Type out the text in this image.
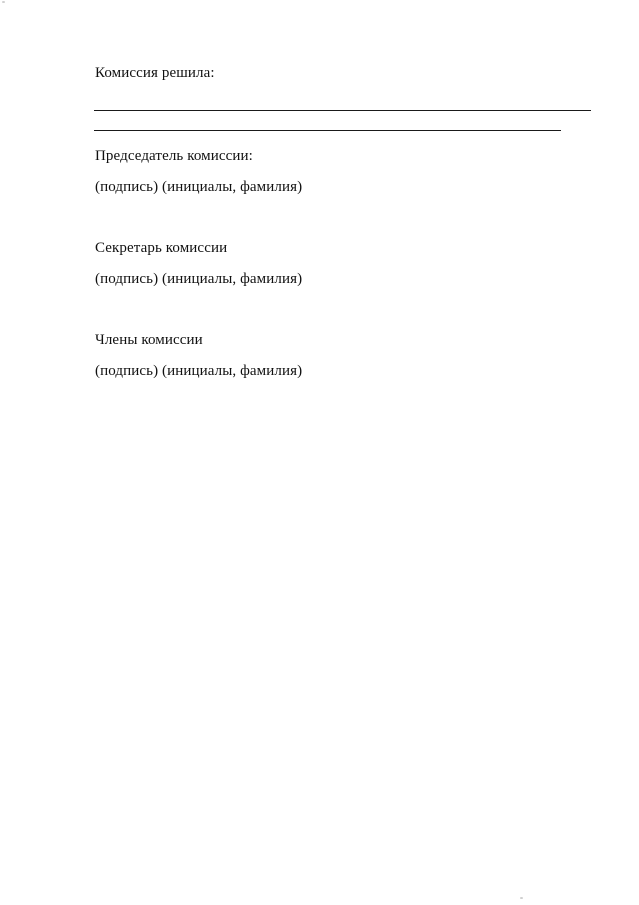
Комиссия решила:
Председатель комиссии:
(подпись) (инициалы, фамилия)
Секретарь комиссии
(подпись) (инициалы, фамилия)
Члены комиссии
(подпись) (инициалы, фамилия)
